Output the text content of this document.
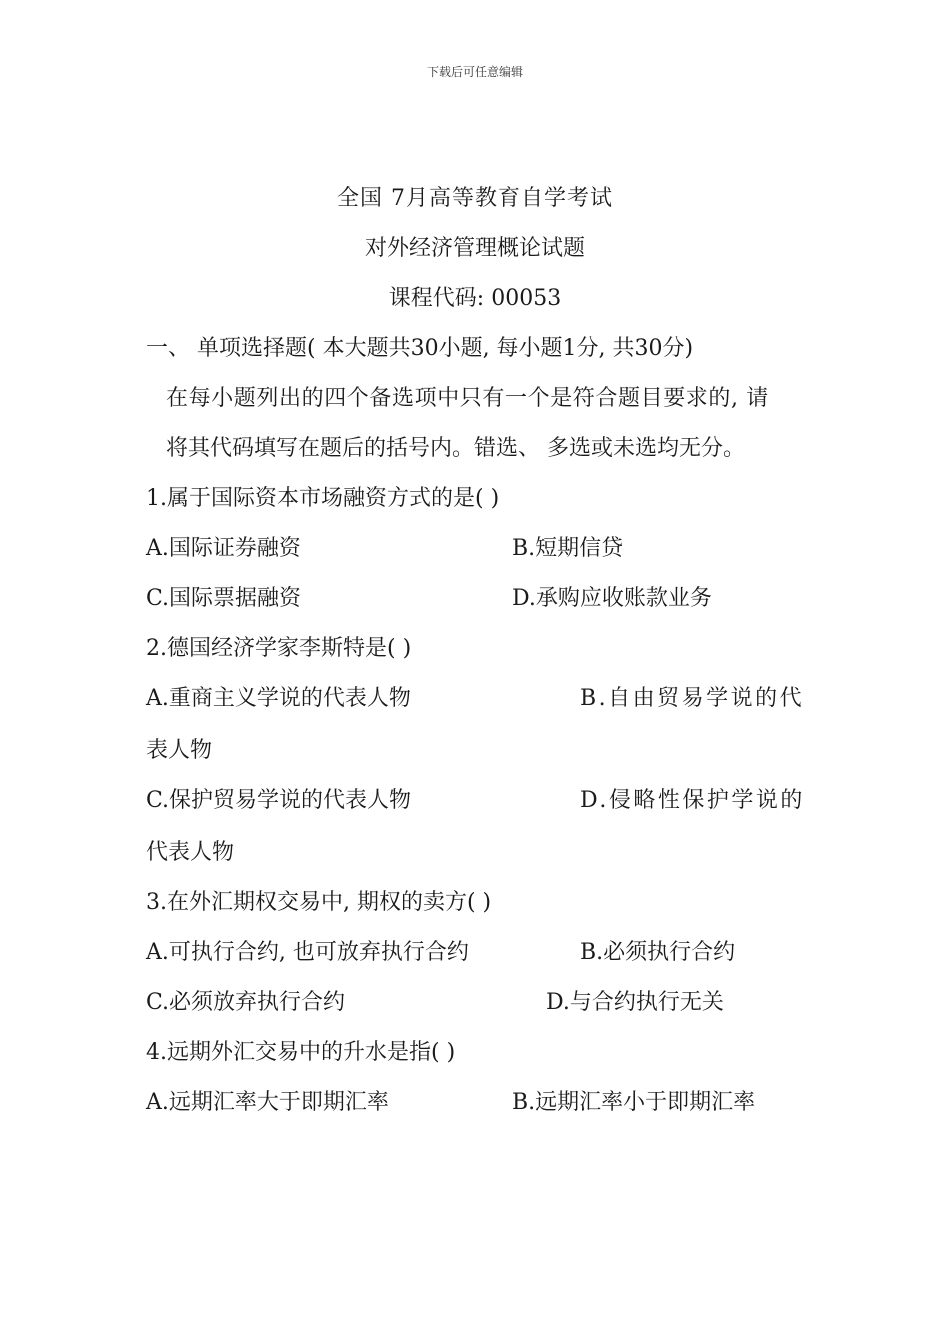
下载后可任意编辑
全国 7月高等教育自学考试
对外经济管理概论试题
课程代码: 00053
一、 单项选择题( 本大题共30小题, 每小题1分, 共30分)
在每小题列出的四个备选项中只有一个是符合题目要求的, 请
将其代码填写在题后的括号内。错选、 多选或未选均无分。
1.属于国际资本市场融资方式的是( )
A.国际证券融资	B.短期信贷
C.国际票据融资	D.承购应收账款业务
2.德国经济学家李斯特是( )
A.重商主义学说的代表人物	B.自由贸易学说的代
表人物
C.保护贸易学说的代表人物	D.侵略性保护学说的
代表人物
3.在外汇期权交易中, 期权的卖方( )
A.可执行合约, 也可放弃执行合约	B.必须执行合约
C.必须放弃执行合约	D.与合约执行无关
4.远期外汇交易中的升水是指( )
A.远期汇率大于即期汇率	B.远期汇率小于即期汇率
